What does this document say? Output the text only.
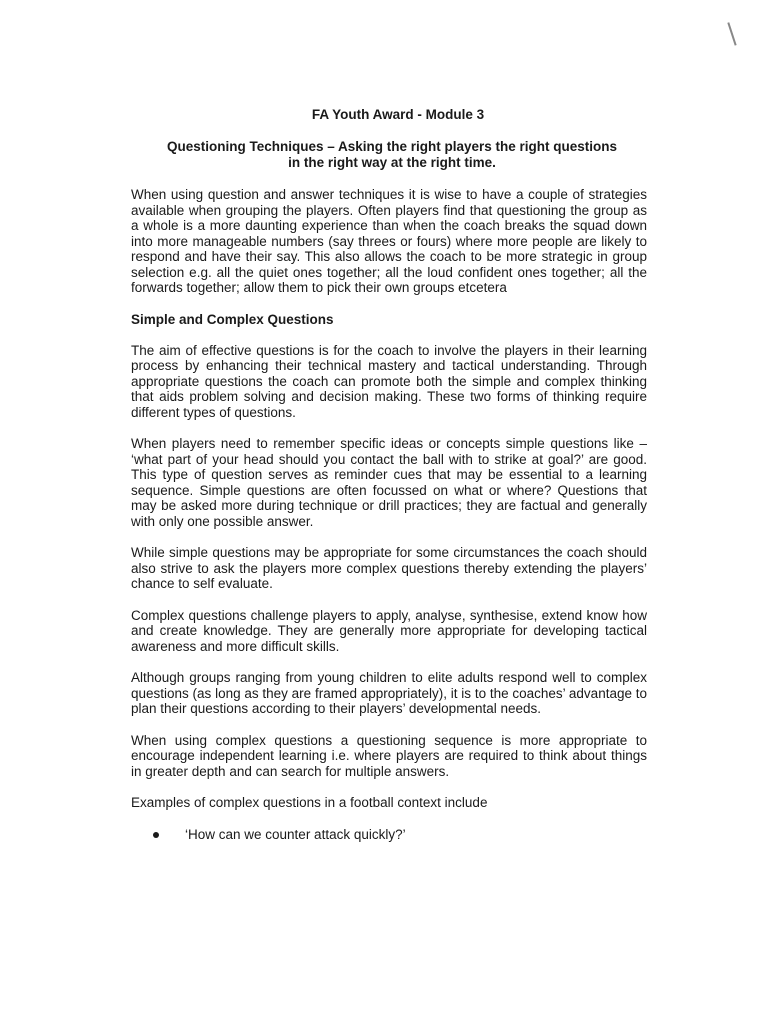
FA Youth Award - Module 3
Questioning Techniques – Asking the right players the right questions
in the right way at the right time.

When using question and answer techniques it is wise to have a couple of strategies available when grouping the players. Often players find that questioning the group as a whole is a more daunting experience than when the coach breaks the squad down into more manageable numbers (say threes or fours) where more people are likely to respond and have their say. This also allows the coach to be more strategic in group selection e.g. all the quiet ones together; all the loud confident ones together; all the forwards together; allow them to pick their own groups etcetera

Simple and Complex Questions

The aim of effective questions is for the coach to involve the players in their learning process by enhancing their technical mastery and tactical understanding. Through appropriate questions the coach can promote both the simple and complex thinking that aids problem solving and decision making. These two forms of thinking require different types of questions.

When players need to remember specific ideas or concepts simple questions like – ‘what part of your head should you contact the ball with to strike at goal?’ are good. This type of question serves as reminder cues that may be essential to a learning sequence. Simple questions are often focussed on what or where? Questions that may be asked more during technique or drill practices; they are factual and generally with only one possible answer.

While simple questions may be appropriate for some circumstances the coach should also strive to ask the players more complex questions thereby extending the players’ chance to self evaluate.

Complex questions challenge players to apply, analyse, synthesise, extend know how and create knowledge. They are generally more appropriate for developing tactical awareness and more difficult skills.

Although groups ranging from young children to elite adults respond well to complex questions (as long as they are framed appropriately), it is to the coaches’ advantage to plan their questions according to their players’ developmental needs.

When using complex questions a questioning sequence is more appropriate to encourage independent learning i.e. where players are required to think about things in greater depth and can search for multiple answers.

Examples of complex questions in a football context include

‘How can we counter attack quickly?’
